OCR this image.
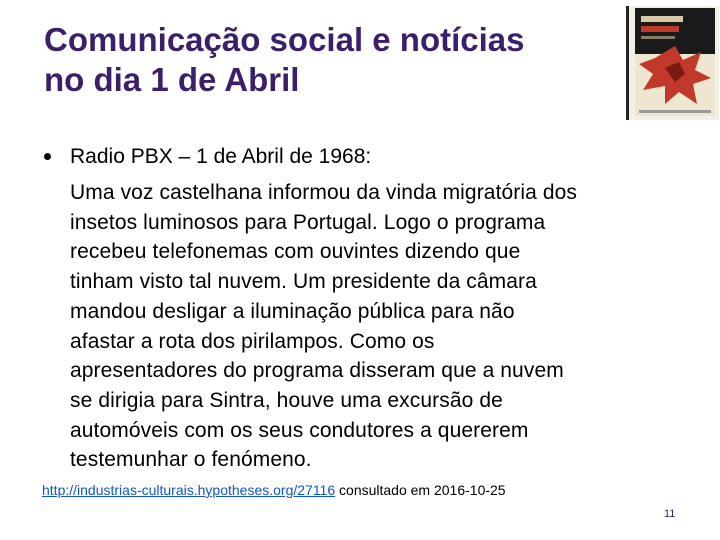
Comunicação social e notícias
no dia 1 de Abril
Radio PBX – 1 de Abril de 1968:
Uma voz castelhana informou da vinda migratória dos
insetos luminosos para Portugal. Logo o programa
recebeu telefonemas com ouvintes dizendo que
tinham visto tal nuvem. Um presidente da câmara
mandou desligar a iluminação pública para não
afastar a rota dos pirilampos. Como os
apresentadores do programa disseram que a nuvem
se dirigia para Sintra, houve uma excursão de
automóveis com os seus condutores a quererem
testemunhar o fenómeno.
http://industrias-culturais.hypotheses.org/27116 consultado em 2016-10-25
11
